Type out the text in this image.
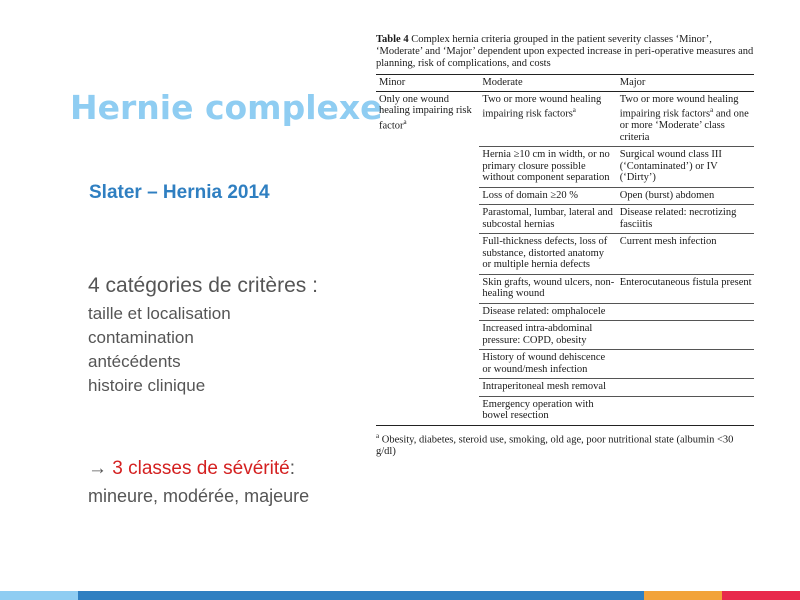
Hernie complexe
Slater – Hernia 2014
4 catégories de critères :
taille et localisation
contamination
antécédents
histoire clinique
→ 3 classes de sévérité:
mineure, modérée, majeure

Table 4 Complex hernia criteria grouped in the patient severity classes ‘Minor’, ‘Moderate’ and ‘Major’ dependent upon expected increase in peri-operative measures and planning, risk of complications, and costs

Minor	Moderate	Major
Only one wound healing impairing risk factor$^a$	Two or more wound healing impairing risk factors$^a$	Two or more wound healing impairing risk factors$^a$ and one or more ‘Moderate’ class criteria
	Hernia ≥10 cm in width, or no primary closure possible without component separation	Surgical wound class III (‘Contaminated’) or IV (‘Dirty’)
	Loss of domain ≥20 %	Open (burst) abdomen
	Parastomal, lumbar, lateral and subcostal hernias	Disease related: necrotizing fasciitis
	Full-thickness defects, loss of substance, distorted anatomy or multiple hernia defects	Current mesh infection
	Skin grafts, wound ulcers, non-healing wound	Enterocutaneous fistula present
	Disease related: omphalocele	
	Increased intra-abdominal pressure: COPD, obesity	
	History of wound dehiscence or wound/mesh infection	
	Intraperitoneal mesh removal	
	Emergency operation with bowel resection	
$^a$ Obesity, diabetes, steroid use, smoking, old age, poor nutritional state (albumin <30 g/dl)
